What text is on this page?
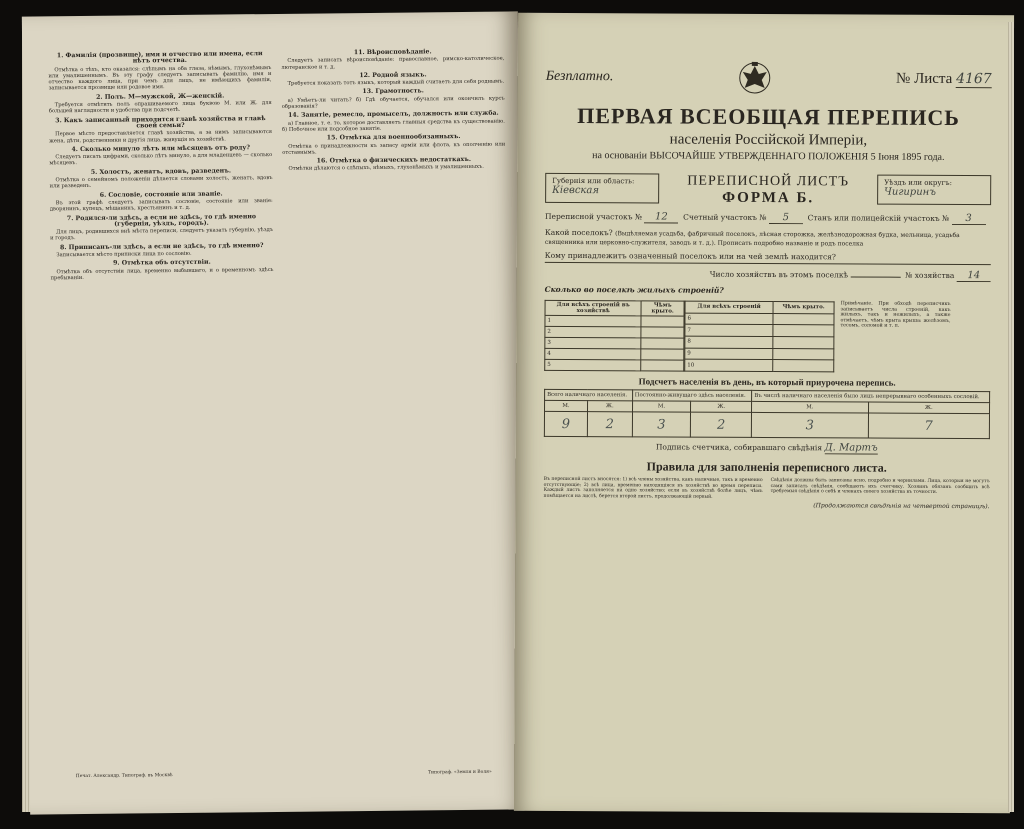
1. Фамилія (прозвище), имя и отчество или имена, если нѣтъ отчества.

Отмѣтка о тѣхъ, кто оказался: слѣпымъ на оба глаза, нѣмымъ, глухонѣмымъ или умалишеннымъ. Въ эту графу следуетъ записывать фамилію, имя и отчество каждого лица, при чемъ для лицъ, не имѣющихъ фамиліи, записывается прозвище или родовое имя.

2. Полъ. М—мужской, Ж—женскій.

Требуется отмѣтить полъ опрашиваемого лица буквою М. или Ж. для большей наглядности и удобства при подсчетѣ.

3. Какъ записанный приходится главѣ хозяйства и главѣ своей семьи?

Первое мѣсто предоставляется главѣ хозяйства, а за нимъ записываются жена, дѣти, родственники и другія лица, живущія въ хозяйствѣ.

4. Сколько минуло лѣтъ или мѣсяцевъ отъ роду?

Следуетъ писать цифрами, сколько лѣтъ минуло, а для младенцевъ — сколько мѣсяцевъ.

5. Холостъ, женатъ, вдовъ, разведенъ.

Отмѣтка о семейномъ положеніи дѣлается словами холостъ, женатъ, вдовъ или разведенъ.

6. Сословіе, состояніе или званіе.

Въ этой графѣ следуетъ записывать сословіе, состояніе или званіе: дворянинъ, купецъ, мѣщанинъ, крестьянинъ и т. д.

7. Родился-ли здѣсь, а если не здѣсь, то гдѣ именно (губернія, уѣздъ, городъ).

Для лицъ, родившихся внѣ мѣста переписи, следуетъ указать губернію, уѣздъ и городъ.

8. Приписанъ-ли здѣсь, а если не здѣсь, то гдѣ именно?

Записывается мѣсто приписки лица по сословію.

9. Отмѣтка объ отсутствіи.

Отмѣтка объ отсутствіи лица, временно выбывшаго, и о временномъ здѣсь пребываніи.

11. Вѣроисповѣданіе.

Следуетъ записать вѣроисповѣданіе: православное, римско-католическое, лютеранское и т. д.

12. Родной языкъ.

Требуется показать тотъ языкъ, который каждый считаетъ для себя роднымъ.

13. Грамотность.

а) Умѣетъ-ли читать? б) Гдѣ обучается, обучался или окончилъ курсъ образованія?

14. Занятіе, ремесло, промыселъ, должность или служба.

а) Главное, т. е. то, которое доставляетъ главныя средства къ существованію. б) Побочное или подсобное занятіе.

15. Отмѣтка для военнообязанныхъ.

Отмѣтка о принадлежности къ запасу арміи или флота, къ ополченію или отставнымъ.

16. Отмѣтка о физическихъ недостаткахъ.

Отмѣтки дѣлаются о слѣпыхъ, нѣмыхъ, глухонѣмыхъ и умалишенныхъ.

Печат. Александр. Типограф. въ Москвѣ
Типограф. «Земля и Воля»
Безплатно.	№ Листа 4167
ПЕРВАЯ ВСЕОБЩАЯ ПЕРЕПИСЬ
населенія Россійской Имперіи,
на основаніи ВЫСОЧАЙШЕ УТВЕРЖДЕННАГО ПОЛОЖЕНІЯ 5 Іюня 1895 года.
Губернія или область:
Кіевская
ПЕРЕПИСНОЙ ЛИСТЪ
ФОРМА Б.
Уѣздъ или округъ:
Чигиринъ
Переписной участокъ № 12 Счетный участокъ № 5 Станъ или полицейскій участокъ № 3
Какой поселокъ? (Выдѣляемая усадьба, фабричный поселокъ, лѣсная сторожка, желѣзнодорожная будка, мельница, усадьба священника или церковно-служителя, заводъ и т. д.). Прописать подробно названіе и родъ поселка
Кому принадлежитъ означенный поселокъ или на чей землѣ находится?
Число хозяйствъ въ этомъ поселкѣ	№ хозяйства 14
Сколько во поселкѣ жилыхъ строеній?
Для всѣхъ строеній въ хозяйствѣ	Чѣмъ крыто.
1	
2	
3	
4	
5	
Для всѣхъ строеній	Чѣмъ крыто.
6	
7	
8	
9	
10	
Примѣчаніе. При обходѣ переписчикъ записываетъ числа строеній, какъ жилыхъ, такъ и нежилыхъ, а также отмѣчаетъ, чѣмъ крыта крыша: желѣзомъ, тесомъ, соломой и т. п.
Подсчетъ населенія въ день, въ который приурочена перепись.
Всего наличнаго населенія.		Постоянно-живущаго здѣсь населенія.		Въ числѣ наличнаго населенія было лицъ непрерывнаго особенныхъ сословій.	
М.	Ж.	М.	Ж.	М.	Ж.
9	2	3	2	3	7
Подпись счетчика, собиравшаго свѣдѣнія Д. Мартъ
Правила для заполненія переписного листа.
Въ переписной листъ вносятся: 1) всѣ члены хозяйства, какъ наличные, такъ и временно отсутствующіе; 2) всѣ лица, временно находящіяся въ хозяйствѣ во время переписи. Каждый листъ заполняется на одно хозяйство; если въ хозяйствѣ болѣе лицъ, чѣмъ помѣщается на листѣ, берется второй листъ, продолжающій первый.
Свѣдѣнія должны быть записаны ясно, подробно и чернилами. Лица, которыя не могутъ сами записать свѣдѣнія, сообщаютъ ихъ счетчику. Хозяинъ обязанъ сообщить всѣ требуемыя свѣдѣнія о себѣ и членахъ своего хозяйства въ точности.
(Продолжаются свѣдѣнія на четвертой страницѣ).
